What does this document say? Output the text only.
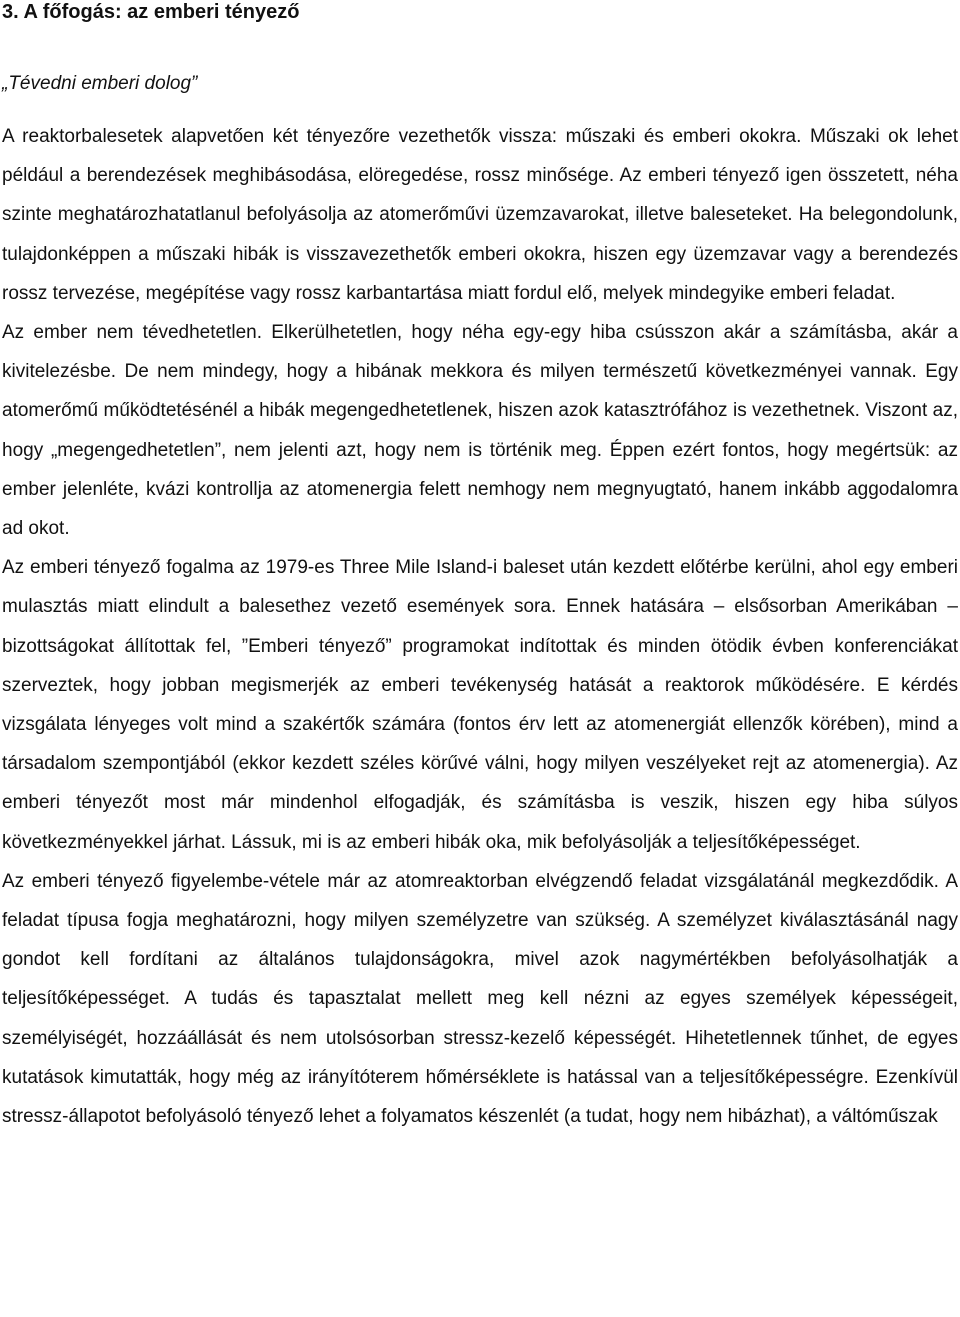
3. A főfogás: az emberi tényező

„Tévedni emberi dolog”

A reaktorbalesetek alapvetően két tényezőre vezethetők vissza: műszaki és emberi okokra. Műszaki ok lehet például a berendezések meghibásodása, elöregedése, rossz minősége. Az emberi tényező igen összetett, néha szinte meghatározhatatlanul befolyásolja az atomerőművi üzemzavarokat, illetve baleseteket. Ha belegondolunk, tulajdonképpen a műszaki hibák is visszavezethetők emberi okokra, hiszen egy üzemzavar vagy a berendezés rossz tervezése, megépítése vagy rossz karbantartása miatt fordul elő, melyek mindegyike emberi feladat.

Az ember nem tévedhetetlen. Elkerülhetetlen, hogy néha egy-egy hiba csússzon akár a számításba, akár a kivitelezésbe. De nem mindegy, hogy a hibának mekkora és milyen természetű következményei vannak. Egy atomerőmű működtetésénél a hibák megengedhetetlenek, hiszen azok katasztrófához is vezethetnek. Viszont az, hogy „megengedhetetlen”, nem jelenti azt, hogy nem is történik meg. Éppen ezért fontos, hogy megértsük: az ember jelenléte, kvázi kontrollja az atomenergia felett nemhogy nem megnyugtató, hanem inkább aggodalomra ad okot.

Az emberi tényező fogalma az 1979-es Three Mile Island-i baleset után kezdett előtérbe kerülni, ahol egy emberi mulasztás miatt elindult a balesethez vezető események sora. Ennek hatására – elsősorban Amerikában – bizottságokat állítottak fel, ”Emberi tényező” programokat indítottak és minden ötödik évben konferenciákat szerveztek, hogy jobban megismerjék az emberi tevékenység hatását a reaktorok működésére. E kérdés vizsgálata lényeges volt mind a szakértők számára (fontos érv lett az atomenergiát ellenzők körében), mind a társadalom szempontjából (ekkor kezdett széles körűvé válni, hogy milyen veszélyeket rejt az atomenergia). Az emberi tényezőt most már mindenhol elfogadják, és számításba is veszik, hiszen egy hiba súlyos következményekkel járhat. Lássuk, mi is az emberi hibák oka, mik befolyásolják a teljesítőképességet.

Az emberi tényező figyelembe-vétele már az atomreaktorban elvégzendő feladat vizsgálatánál megkezdődik. A feladat típusa fogja meghatározni, hogy milyen személyzetre van szükség. A személyzet kiválasztásánál nagy gondot kell fordítani az általános tulajdonságokra, mivel azok nagymértékben befolyásolhatják a teljesítőképességet. A tudás és tapasztalat mellett meg kell nézni az egyes személyek képességeit, személyiségét, hozzáállását és nem utolsósorban stressz-kezelő képességét. Hihetetlennek tűnhet, de egyes kutatások kimutatták, hogy még az irányítóterem hőmérséklete is hatással van a teljesítőképességre. Ezenkívül stressz-állapotot befolyásoló tényező lehet a folyamatos készenlét (a tudat, hogy nem hibázhat), a váltóműszak
